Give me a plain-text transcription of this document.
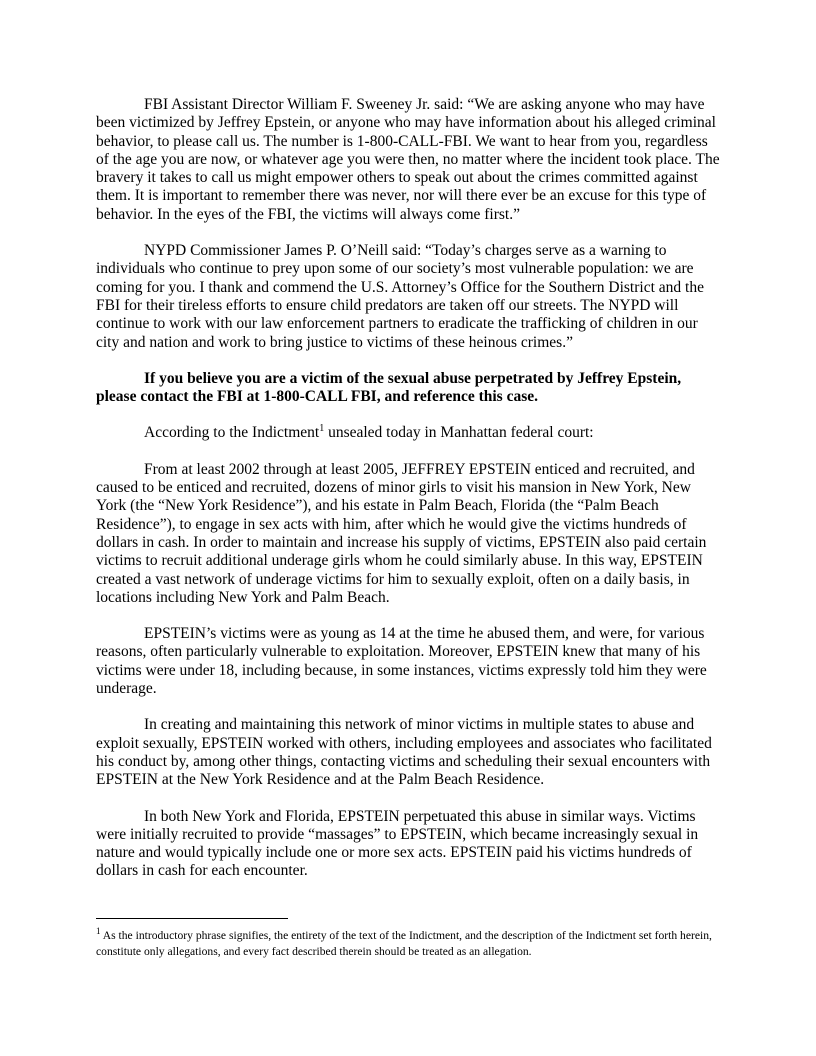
FBI Assistant Director William F. Sweeney Jr. said: “We are asking anyone who may have been victimized by Jeffrey Epstein, or anyone who may have information about his alleged criminal behavior, to please call us. The number is 1-800-CALL-FBI. We want to hear from you, regardless of the age you are now, or whatever age you were then, no matter where the incident took place. The bravery it takes to call us might empower others to speak out about the crimes committed against them. It is important to remember there was never, nor will there ever be an excuse for this type of behavior. In the eyes of the FBI, the victims will always come first.”

NYPD Commissioner James P. O’Neill said: “Today’s charges serve as a warning to individuals who continue to prey upon some of our society’s most vulnerable population: we are coming for you. I thank and commend the U.S. Attorney’s Office for the Southern District and the FBI for their tireless efforts to ensure child predators are taken off our streets. The NYPD will continue to work with our law enforcement partners to eradicate the trafficking of children in our city and nation and work to bring justice to victims of these heinous crimes.”

If you believe you are a victim of the sexual abuse perpetrated by Jeffrey Epstein, please contact the FBI at 1-800-CALL FBI, and reference this case.

According to the Indictment$^1$ unsealed today in Manhattan federal court:

From at least 2002 through at least 2005, JEFFREY EPSTEIN enticed and recruited, and caused to be enticed and recruited, dozens of minor girls to visit his mansion in New York, New York (the “New York Residence”), and his estate in Palm Beach, Florida (the “Palm Beach Residence”), to engage in sex acts with him, after which he would give the victims hundreds of dollars in cash. In order to maintain and increase his supply of victims, EPSTEIN also paid certain victims to recruit additional underage girls whom he could similarly abuse. In this way, EPSTEIN created a vast network of underage victims for him to sexually exploit, often on a daily basis, in locations including New York and Palm Beach.

EPSTEIN’s victims were as young as 14 at the time he abused them, and were, for various reasons, often particularly vulnerable to exploitation. Moreover, EPSTEIN knew that many of his victims were under 18, including because, in some instances, victims expressly told him they were underage.

In creating and maintaining this network of minor victims in multiple states to abuse and exploit sexually, EPSTEIN worked with others, including employees and associates who facilitated his conduct by, among other things, contacting victims and scheduling their sexual encounters with EPSTEIN at the New York Residence and at the Palm Beach Residence.

In both New York and Florida, EPSTEIN perpetuated this abuse in similar ways. Victims were initially recruited to provide “massages” to EPSTEIN, which became increasingly sexual in nature and would typically include one or more sex acts. EPSTEIN paid his victims hundreds of dollars in cash for each encounter.

$^1$ As the introductory phrase signifies, the entirety of the text of the Indictment, and the description of the Indictment set forth herein, constitute only allegations, and every fact described therein should be treated as an allegation.
